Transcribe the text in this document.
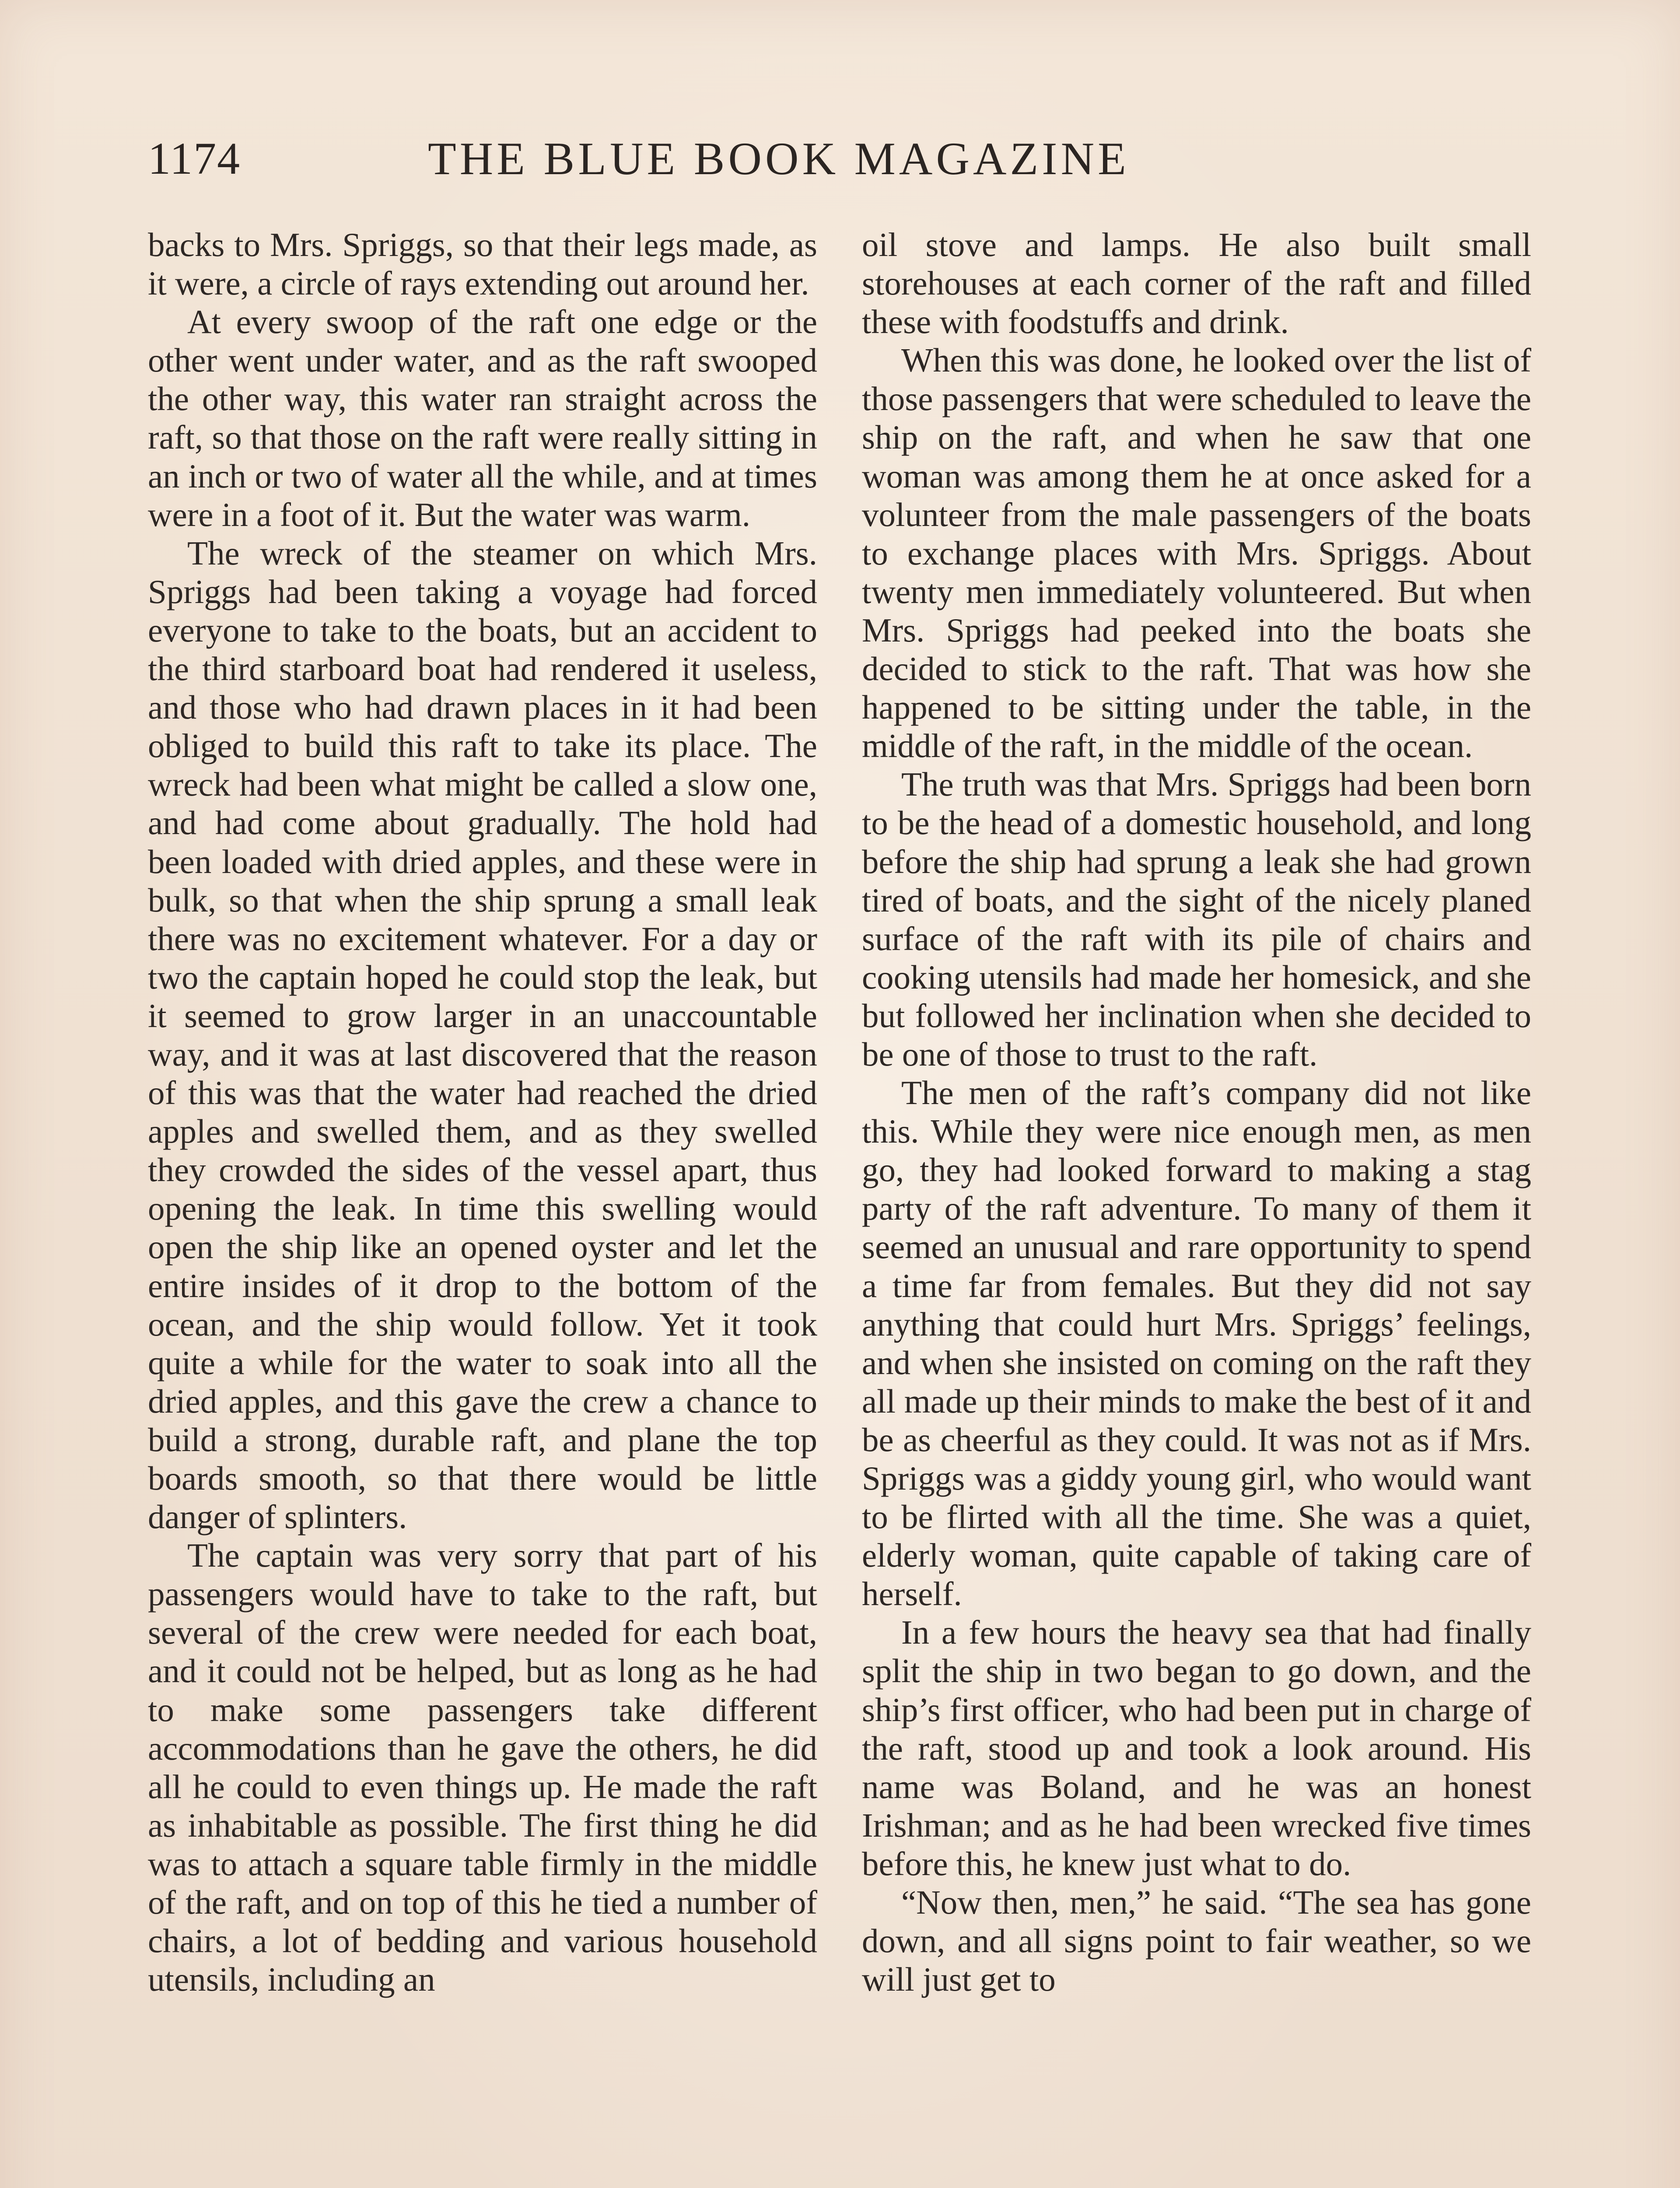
1174	THE BLUE BOOK MAGAZINE

backs to Mrs. Spriggs, so that their legs made, as it were, a circle of rays extending out around her.

At every swoop of the raft one edge or the other went under water, and as the raft swooped the other way, this water ran straight across the raft, so that those on the raft were really sitting in an inch or two of water all the while, and at times were in a foot of it. But the water was warm.

The wreck of the steamer on which Mrs. Spriggs had been taking a voyage had forced everyone to take to the boats, but an accident to the third starboard boat had rendered it useless, and those who had drawn places in it had been obliged to build this raft to take its place. The wreck had been what might be called a slow one, and had come about gradually. The hold had been loaded with dried apples, and these were in bulk, so that when the ship sprung a small leak there was no excitement whatever. For a day or two the captain hoped he could stop the leak, but it seemed to grow larger in an unaccountable way, and it was at last discovered that the reason of this was that the water had reached the dried apples and swelled them, and as they swelled they crowded the sides of the vessel apart, thus opening the leak. In time this swelling would open the ship like an opened oyster and let the entire insides of it drop to the bottom of the ocean, and the ship would follow. Yet it took quite a while for the water to soak into all the dried apples, and this gave the crew a chance to build a strong, durable raft, and plane the top boards smooth, so that there would be little danger of splinters.

The captain was very sorry that part of his passengers would have to take to the raft, but several of the crew were needed for each boat, and it could not be helped, but as long as he had to make some passengers take different accommodations than he gave the others, he did all he could to even things up. He made the raft as inhabitable as possible. The first thing he did was to attach a square table firmly in the middle of the raft, and on top of this he tied a number of chairs, a lot of bedding and various household utensils, including an

oil stove and lamps. He also built small storehouses at each corner of the raft and filled these with foodstuffs and drink.

When this was done, he looked over the list of those passengers that were scheduled to leave the ship on the raft, and when he saw that one woman was among them he at once asked for a volunteer from the male passengers of the boats to exchange places with Mrs. Spriggs. About twenty men immediately volunteered. But when Mrs. Spriggs had peeked into the boats she decided to stick to the raft. That was how she happened to be sitting under the table, in the middle of the raft, in the middle of the ocean.

The truth was that Mrs. Spriggs had been born to be the head of a domestic household, and long before the ship had sprung a leak she had grown tired of boats, and the sight of the nicely planed surface of the raft with its pile of chairs and cooking utensils had made her homesick, and she but followed her inclination when she decided to be one of those to trust to the raft.

The men of the raft’s company did not like this. While they were nice enough men, as men go, they had looked forward to making a stag party of the raft adventure. To many of them it seemed an unusual and rare opportunity to spend a time far from females. But they did not say anything that could hurt Mrs. Spriggs’ feelings, and when she insisted on coming on the raft they all made up their minds to make the best of it and be as cheerful as they could. It was not as if Mrs. Spriggs was a giddy young girl, who would want to be flirted with all the time. She was a quiet, elderly woman, quite capable of taking care of herself.

In a few hours the heavy sea that had finally split the ship in two began to go down, and the ship’s first officer, who had been put in charge of the raft, stood up and took a look around. His name was Boland, and he was an honest Irishman; and as he had been wrecked five times before this, he knew just what to do.

“Now then, men,” he said. “The sea has gone down, and all signs point to fair weather, so we will just get to
